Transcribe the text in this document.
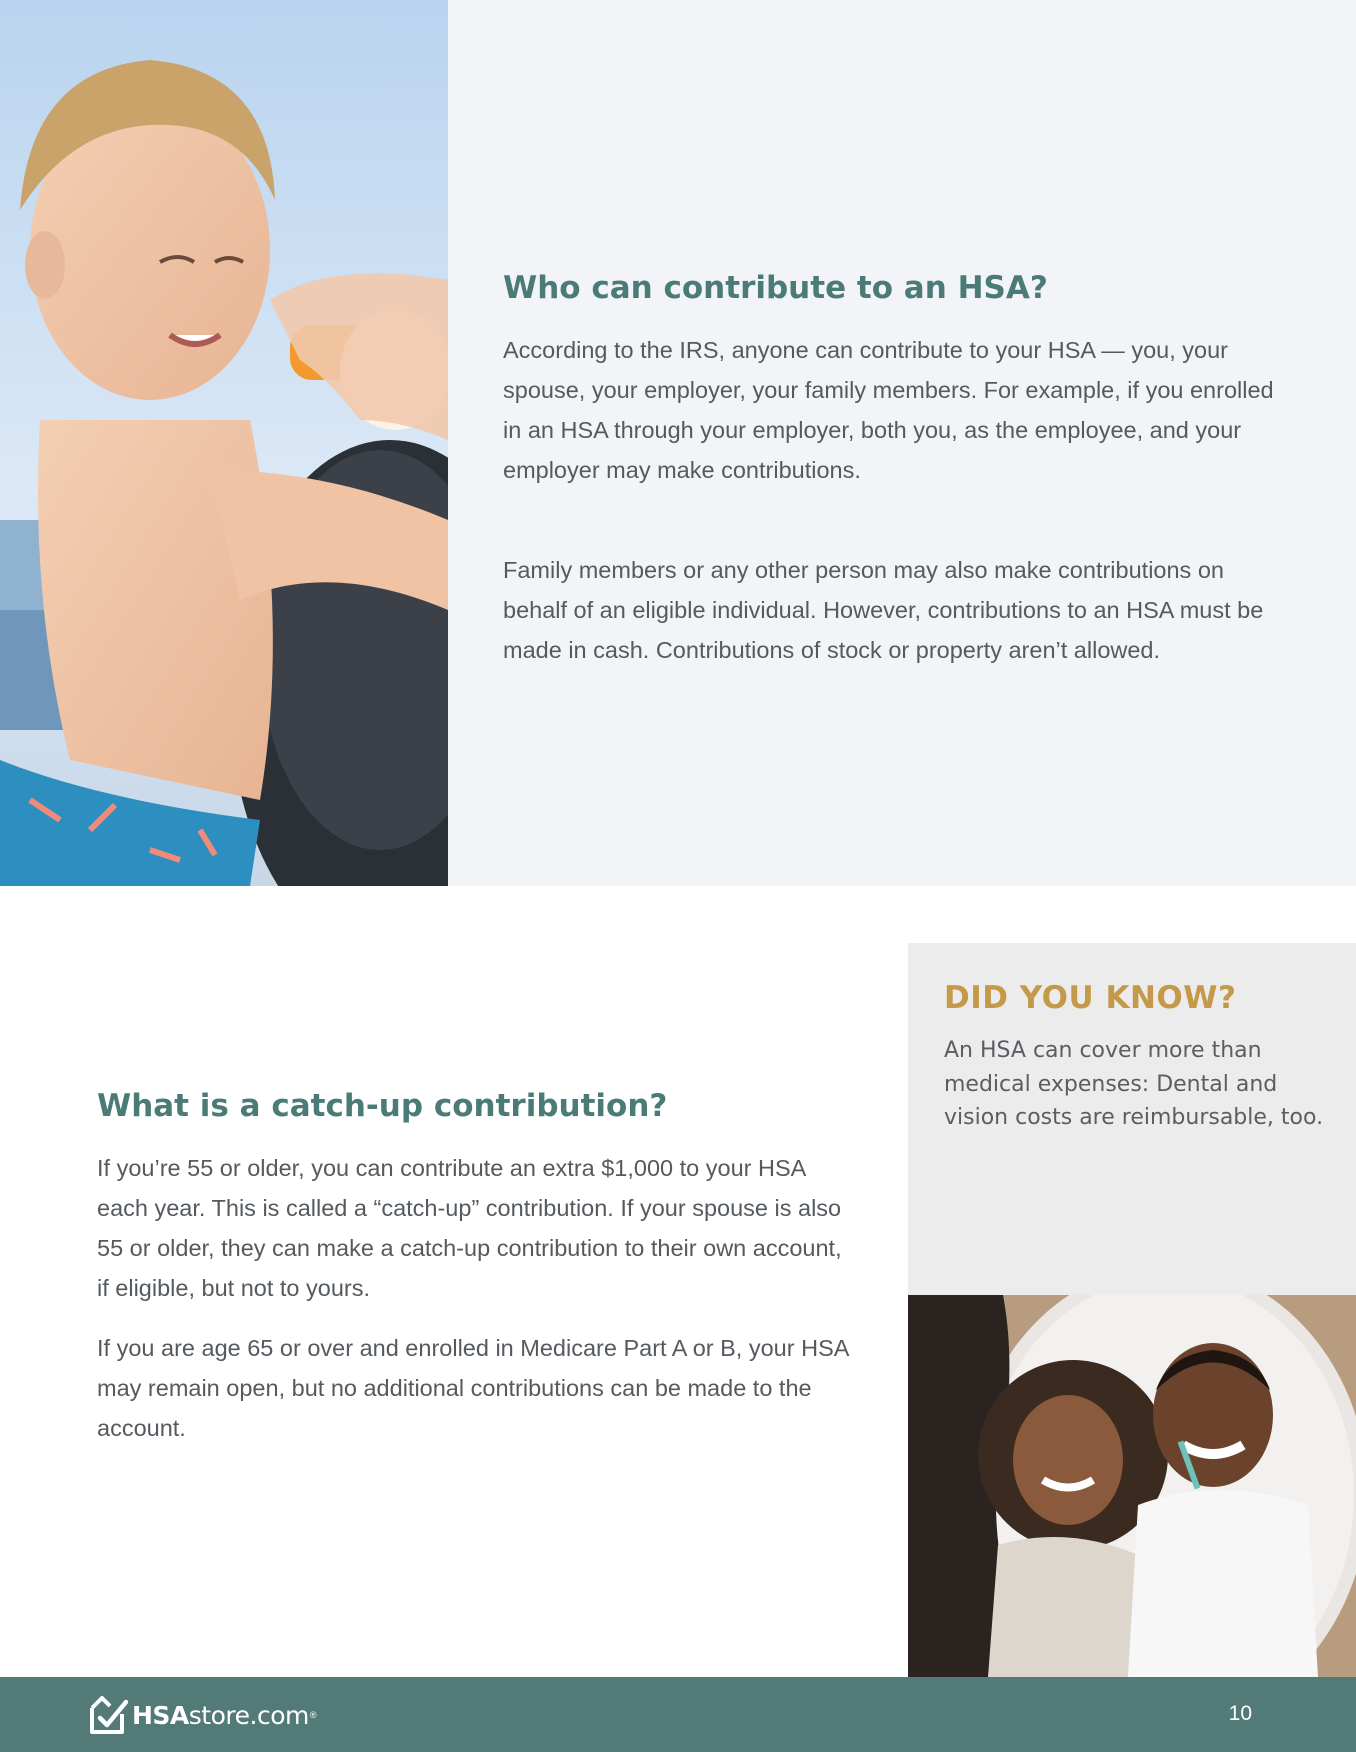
Who can contribute to an HSA?

According to the IRS, anyone can contribute to your HSA — you, your spouse, your employer, your family members. For example, if you enrolled in an HSA through your employer, both you, as the employee, and your employer may make contributions.

Family members or any other person may also make contributions on behalf of an eligible individual. However, contributions to an HSA must be made in cash. Contributions of stock or property aren’t allowed.

What is a catch-up contribution?

If you’re 55 or older, you can contribute an extra $1,000 to your HSA each year. This is called a “catch-up” contribution. If your spouse is also 55 or older, they can make a catch-up contribution to their own account, if eligible, but not to yours.

If you are age 65 or over and enrolled in Medicare Part A or B, your HSA may remain open, but no additional contributions can be made to the account.

DID YOU KNOW?

An HSA can cover more than medical expenses: Dental and vision costs are reimbursable, too.

HSAstore.com ®	10
